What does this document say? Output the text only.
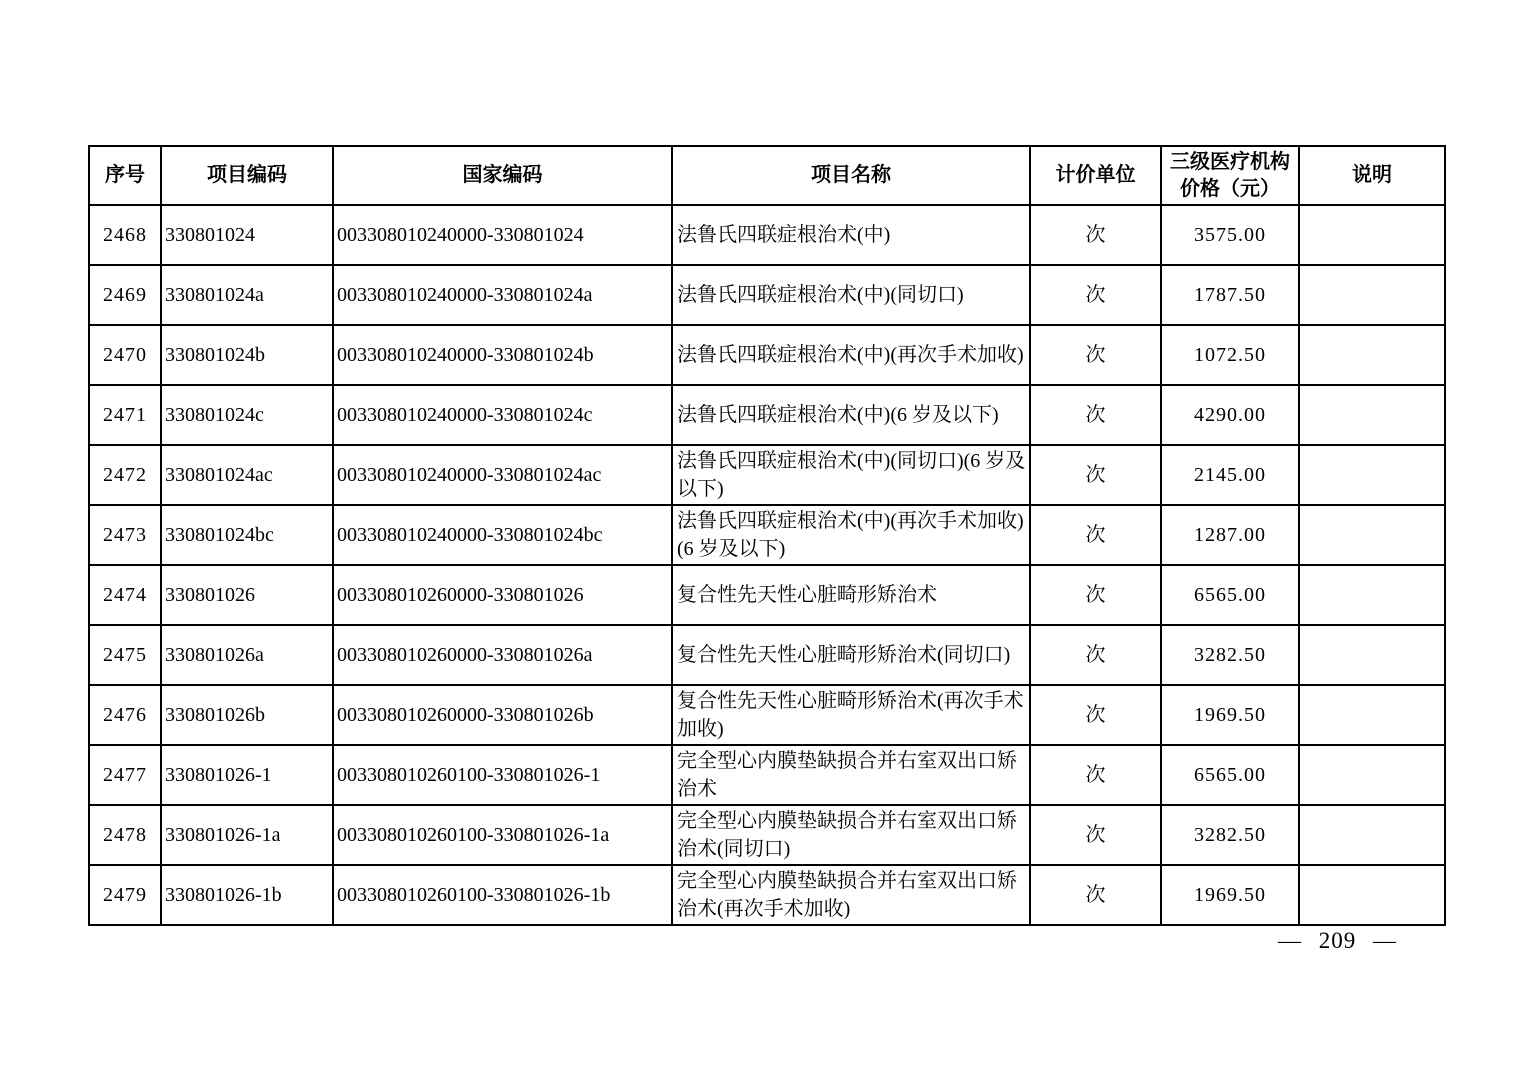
序号	项目编码	国家编码	项目名称	计价单位	三级医疗机构价格（元）	说明
2468	330801024	003308010240000-330801024	法鲁氏四联症根治术(中)	次	3575.00	
2469	330801024a	003308010240000-330801024a	法鲁氏四联症根治术(中)(同切口)	次	1787.50	
2470	330801024b	003308010240000-330801024b	法鲁氏四联症根治术(中)(再次手术加收)	次	1072.50	
2471	330801024c	003308010240000-330801024c	法鲁氏四联症根治术(中)(6 岁及以下)	次	4290.00	
2472	330801024ac	003308010240000-330801024ac	法鲁氏四联症根治术(中)(同切口)(6 岁及以下)	次	2145.00	
2473	330801024bc	003308010240000-330801024bc	法鲁氏四联症根治术(中)(再次手术加收)(6 岁及以下)	次	1287.00	
2474	330801026	003308010260000-330801026	复合性先天性心脏畸形矫治术	次	6565.00	
2475	330801026a	003308010260000-330801026a	复合性先天性心脏畸形矫治术(同切口)	次	3282.50	
2476	330801026b	003308010260000-330801026b	复合性先天性心脏畸形矫治术(再次手术加收)	次	1969.50	
2477	330801026-1	003308010260100-330801026-1	完全型心内膜垫缺损合并右室双出口矫治术	次	6565.00	
2478	330801026-1a	003308010260100-330801026-1a	完全型心内膜垫缺损合并右室双出口矫治术(同切口)	次	3282.50	
2479	330801026-1b	003308010260100-330801026-1b	完全型心内膜垫缺损合并右室双出口矫治术(再次手术加收)	次	1969.50	
— 209 —
